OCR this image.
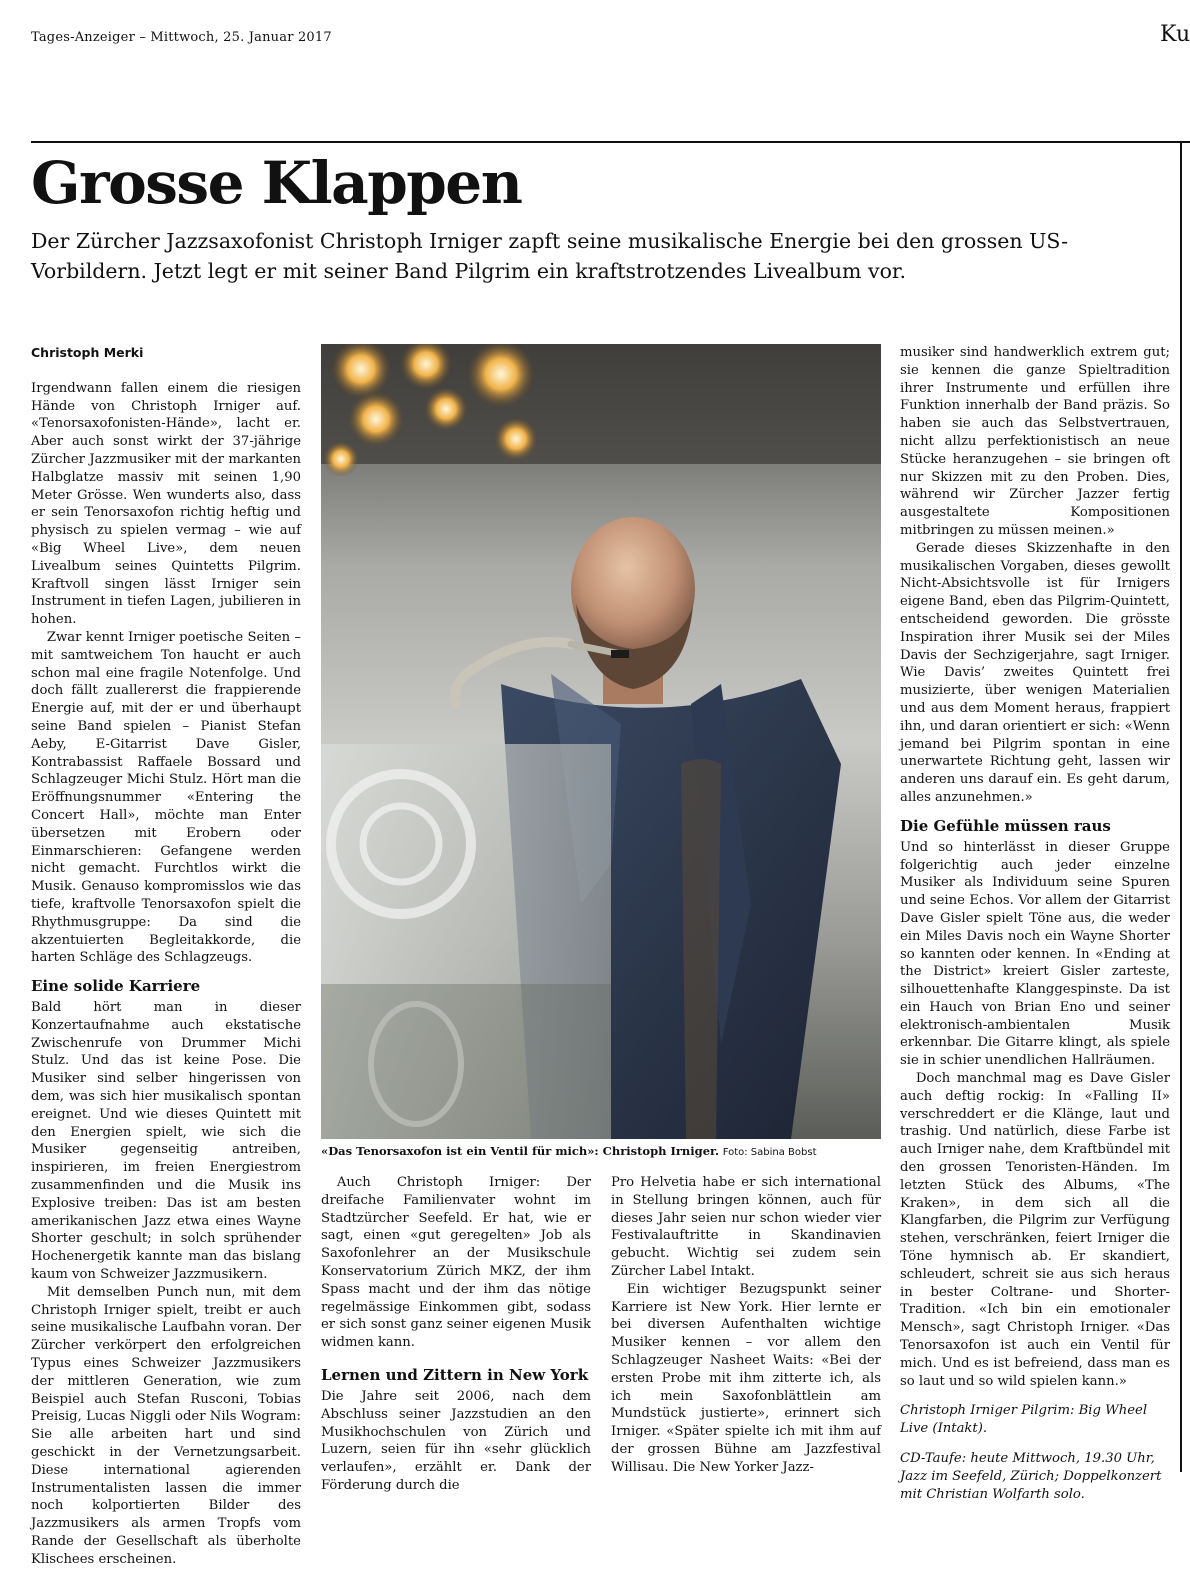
Tages-Anzeiger – Mittwoch, 25. Januar 2017	Ku
Grosse Klappen

Der Zürcher Jazzsaxofonist Christoph Irniger zapft seine musikalische Energie bei den grossen US-Vorbildern. Jetzt legt er mit seiner Band Pilgrim ein kraftstrotzendes Livealbum vor.

Christoph Merki

Irgendwann fallen einem die riesigen Hände von Christoph Irniger auf. «Tenorsaxofonisten-Hände», lacht er. Aber auch sonst wirkt der 37-jährige Zürcher Jazzmusiker mit der markanten Halbglatze massiv mit seinen 1,90 Meter Grösse. Wen wunderts also, dass er sein Tenorsaxofon richtig heftig und physisch zu spielen vermag – wie auf «Big Wheel Live», dem neuen Livealbum seines Quintetts Pilgrim. Kraftvoll singen lässt Irniger sein Instrument in tiefen Lagen, jubilieren in hohen.

Zwar kennt Irniger poetische Seiten – mit samtweichem Ton haucht er auch schon mal eine fragile Notenfolge. Und doch fällt zuallererst die frappierende Energie auf, mit der er und überhaupt seine Band spielen – Pianist Stefan Aeby, E-Gitarrist Dave Gisler, Kontrabassist Raffaele Bossard und Schlagzeuger Michi Stulz. Hört man die Eröffnungsnummer «Entering the Concert Hall», möchte man Enter übersetzen mit Erobern oder Einmarschieren: Gefangene werden nicht gemacht. Furchtlos wirkt die Musik. Genauso kompromisslos wie das tiefe, kraftvolle Tenorsaxofon spielt die Rhythmusgruppe: Da sind die akzentuierten Begleitakkorde, die harten Schläge des Schlagzeugs.

Eine solide Karriere

Bald hört man in dieser Konzertaufnahme auch ekstatische Zwischenrufe von Drummer Michi Stulz. Und das ist keine Pose. Die Musiker sind selber hingerissen von dem, was sich hier musikalisch spontan ereignet. Und wie dieses Quintett mit den Energien spielt, wie sich die Musiker gegenseitig antreiben, inspirieren, im freien Energiestrom zusammenfinden und die Musik ins Explosive treiben: Das ist am besten amerikanischen Jazz etwa eines Wayne Shorter geschult; in solch sprühender Hochenergetik kannte man das bislang kaum von Schweizer Jazzmusikern.

Mit demselben Punch nun, mit dem Christoph Irniger spielt, treibt er auch seine musikalische Laufbahn voran. Der Zürcher verkörpert den erfolgreichen Typus eines Schweizer Jazzmusikers der mittleren Generation, wie zum Beispiel auch Stefan Rusconi, Tobias Preisig, Lucas Niggli oder Nils Wogram: Sie alle arbeiten hart und sind geschickt in der Vernetzungsarbeit. Diese international agierenden Instrumentalisten lassen die immer noch kolportierten Bilder des Jazzmusikers als armen Tropfs vom Rande der Gesellschaft als überholte Klischees erscheinen.

«Das Tenorsaxofon ist ein Ventil für mich»: Christoph Irniger. Foto: Sabina Bobst

Auch Christoph Irniger: Der dreifache Familienvater wohnt im Stadtzürcher Seefeld. Er hat, wie er sagt, einen «gut geregelten» Job als Saxofonlehrer an der Musikschule Konservatorium Zürich MKZ, der ihm Spass macht und der ihm das nötige regelmässige Einkommen gibt, sodass er sich sonst ganz seiner eigenen Musik widmen kann.

Lernen und Zittern in New York

Die Jahre seit 2006, nach dem Abschluss seiner Jazzstudien an den Musikhochschulen von Zürich und Luzern, seien für ihn «sehr glücklich verlaufen», erzählt er. Dank der Förderung durch die

Pro Helvetia habe er sich international in Stellung bringen können, auch für dieses Jahr seien nur schon wieder vier Festivalauftritte in Skandinavien gebucht. Wichtig sei zudem sein Zürcher Label Intakt.

Ein wichtiger Bezugspunkt seiner Karriere ist New York. Hier lernte er bei diversen Aufenthalten wichtige Musiker kennen – vor allem den Schlagzeuger Nasheet Waits: «Bei der ersten Probe mit ihm zitterte ich, als ich mein Saxofonblättlein am Mundstück justierte», erinnert sich Irniger. «Später spielte ich mit ihm auf der grossen Bühne am Jazzfestival Willisau. Die New Yorker Jazz-

musiker sind handwerklich extrem gut; sie kennen die ganze Spieltradition ihrer Instrumente und erfüllen ihre Funktion innerhalb der Band präzis. So haben sie auch das Selbstvertrauen, nicht allzu perfektionistisch an neue Stücke heranzugehen – sie bringen oft nur Skizzen mit zu den Proben. Dies, während wir Zürcher Jazzer fertig ausgestaltete Kompositionen mitbringen zu müssen meinen.»

Gerade dieses Skizzenhafte in den musikalischen Vorgaben, dieses gewollt Nicht-Absichtsvolle ist für Irnigers eigene Band, eben das Pilgrim-Quintett, entscheidend geworden. Die grösste Inspiration ihrer Musik sei der Miles Davis der Sechzigerjahre, sagt Irniger. Wie Davis’ zweites Quintett frei musizierte, über wenigen Materialien und aus dem Moment heraus, frappiert ihn, und daran orientiert er sich: «Wenn jemand bei Pilgrim spontan in eine unerwartete Richtung geht, lassen wir anderen uns darauf ein. Es geht darum, alles anzunehmen.»

Die Gefühle müssen raus

Und so hinterlässt in dieser Gruppe folgerichtig auch jeder einzelne Musiker als Individuum seine Spuren und seine Echos. Vor allem der Gitarrist Dave Gisler spielt Töne aus, die weder ein Miles Davis noch ein Wayne Shorter so kannten oder kennen. In «Ending at the District» kreiert Gisler zarteste, silhouettenhafte Klanggespinste. Da ist ein Hauch von Brian Eno und seiner elektronisch-ambientalen Musik erkennbar. Die Gitarre klingt, als spiele sie in schier unendlichen Hallräumen.

Doch manchmal mag es Dave Gisler auch deftig rockig: In «Falling II» verschreddert er die Klänge, laut und trashig. Und natürlich, diese Farbe ist auch Irniger nahe, dem Kraftbündel mit den grossen Tenoristen-Händen. Im letzten Stück des Albums, «The Kraken», in dem sich all die Klangfarben, die Pilgrim zur Verfügung stehen, verschränken, feiert Irniger die Töne hymnisch ab. Er skandiert, schleudert, schreit sie aus sich heraus in bester Coltrane- und Shorter-Tradition. «Ich bin ein emotionaler Mensch», sagt Christoph Irniger. «Das Tenorsaxofon ist auch ein Ventil für mich. Und es ist befreiend, dass man es so laut und so wild spielen kann.»

Christoph Irniger Pilgrim: Big Wheel Live (Intakt).

CD-Taufe: heute Mittwoch, 19.30 Uhr, Jazz im Seefeld, Zürich; Doppelkonzert mit Christian Wolfarth solo.
